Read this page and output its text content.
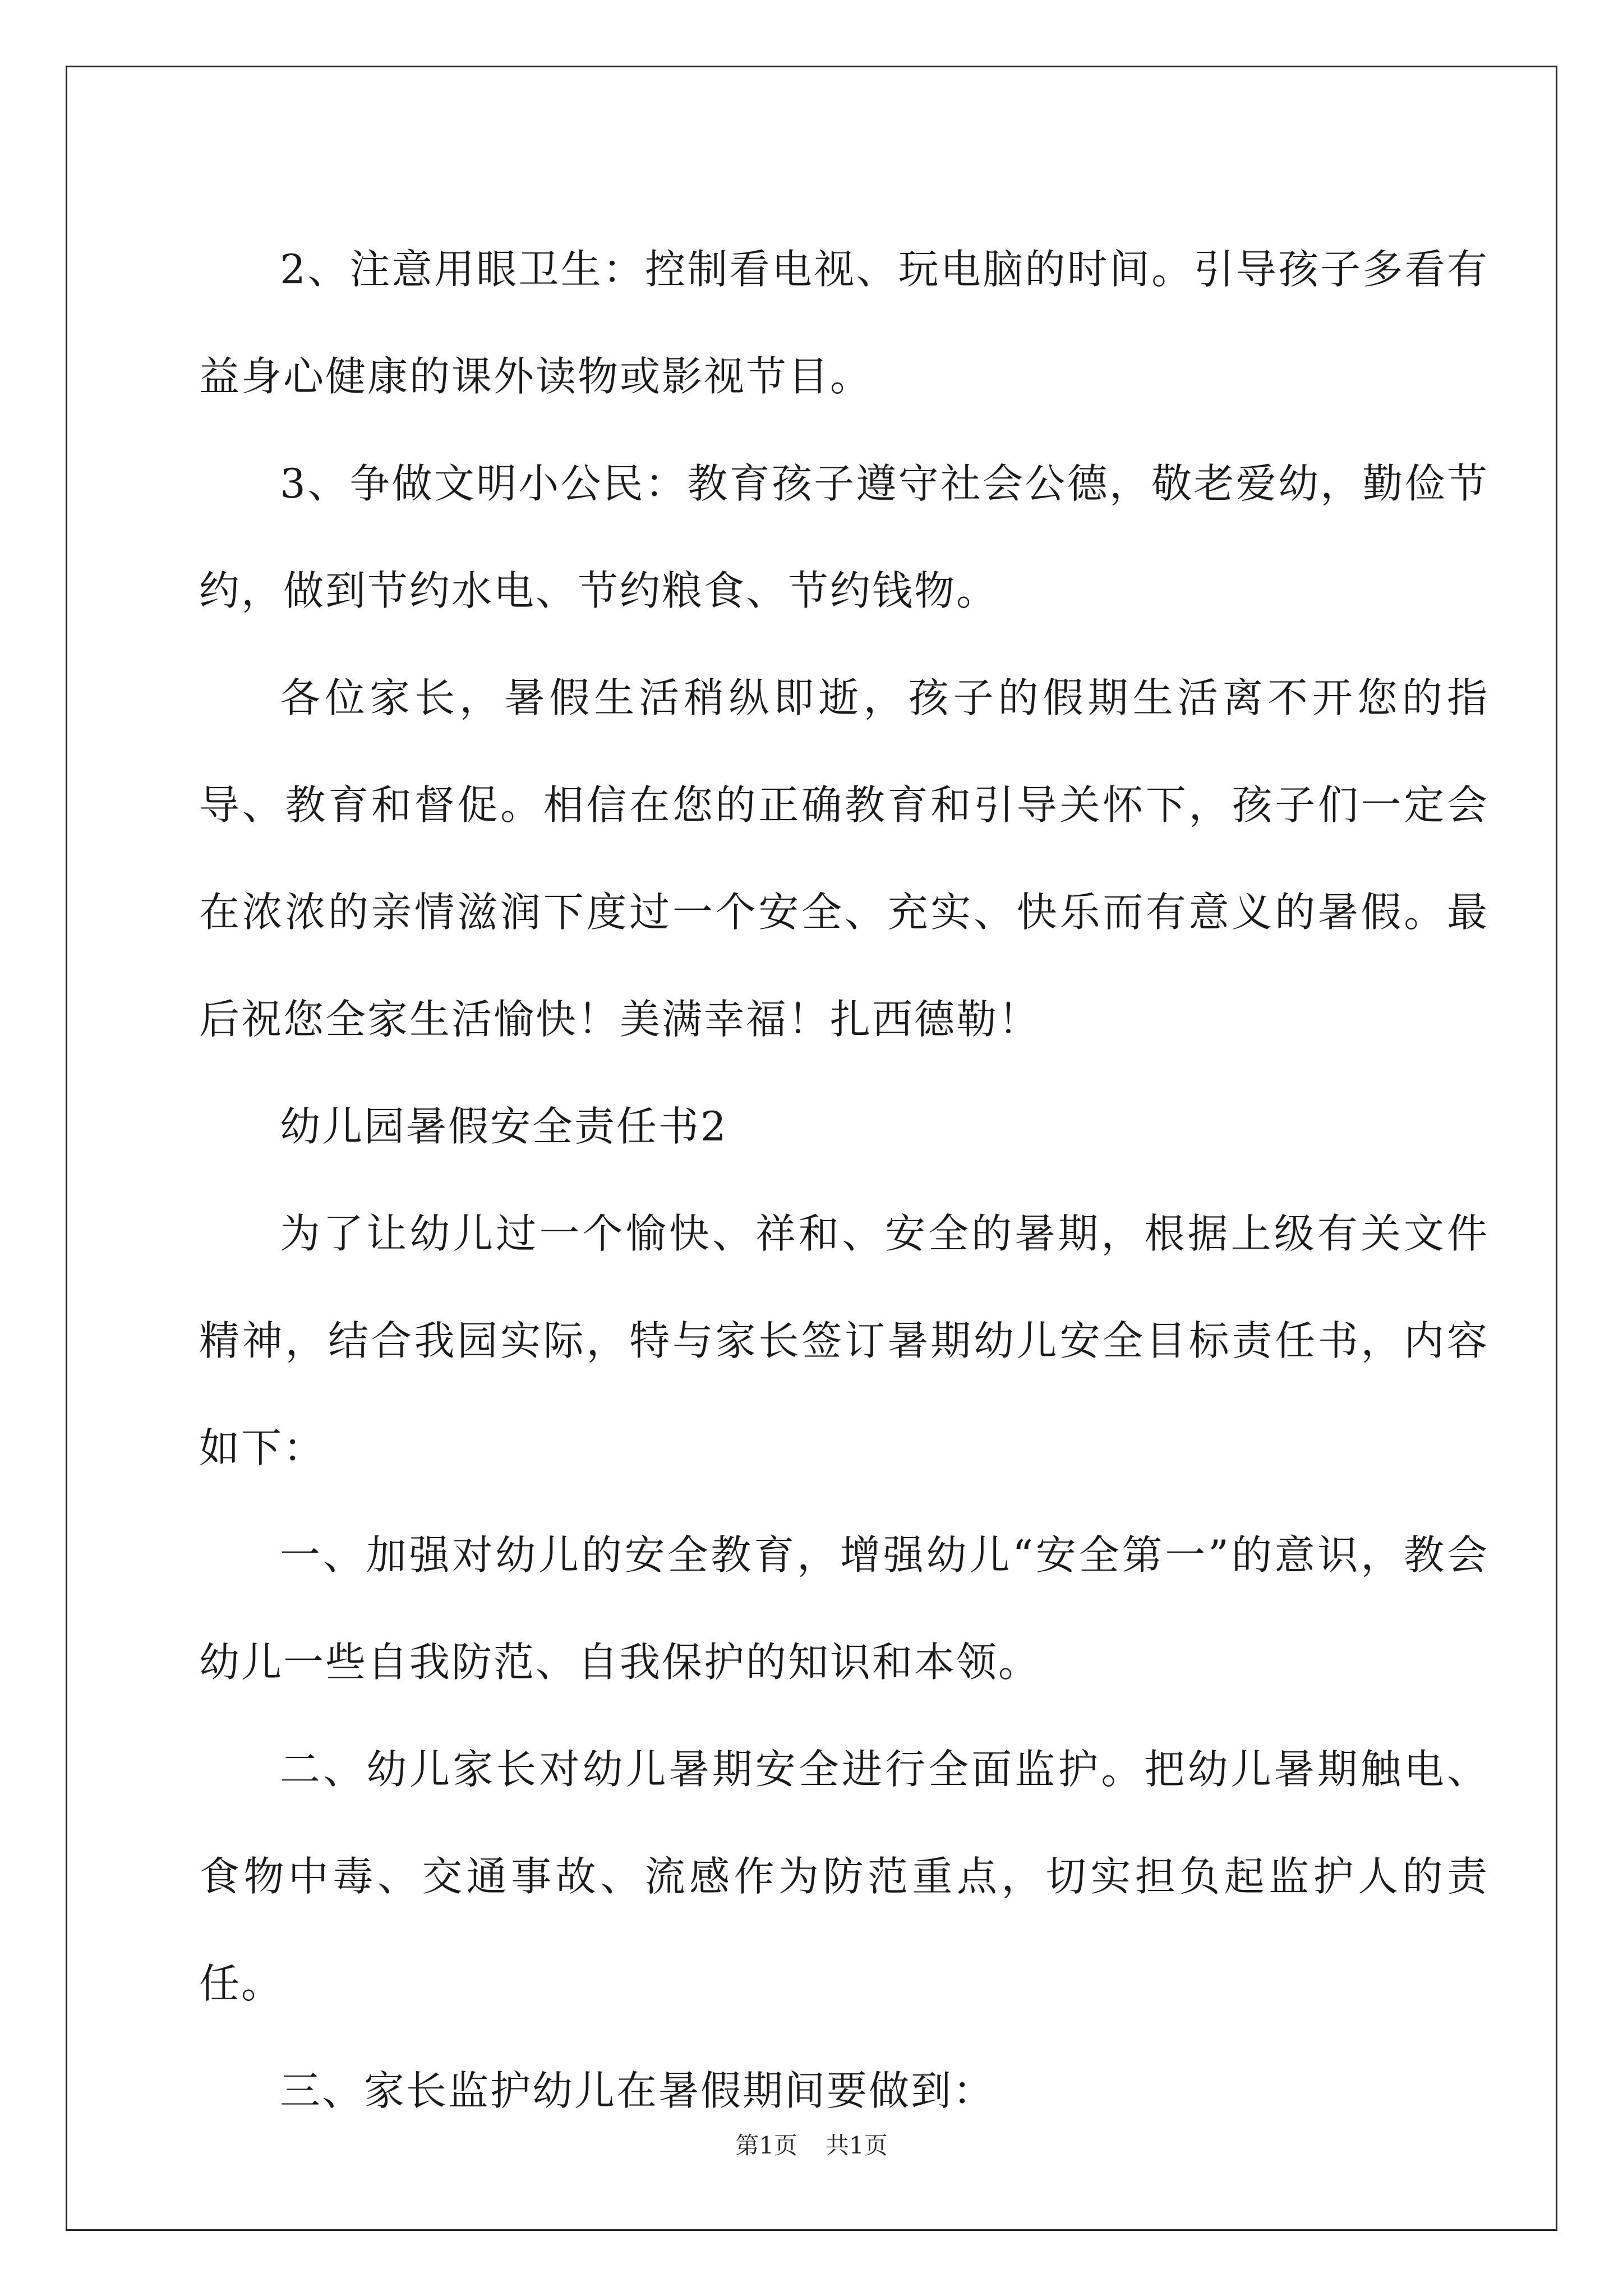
2、注意用眼卫生：控制看电视、玩电脑的时间。引导孩子多看有益身心健康的课外读物或影视节目。

3、争做文明小公民：教育孩子遵守社会公德，敬老爱幼，勤俭节约，做到节约水电、节约粮食、节约钱物。

各位家长，暑假生活稍纵即逝，孩子的假期生活离不开您的指导、教育和督促。相信在您的正确教育和引导关怀下，孩子们一定会在浓浓的亲情滋润下度过一个安全、充实、快乐而有意义的暑假。最后祝您全家生活愉快！美满幸福！扎西德勒！

幼儿园暑假安全责任书2

为了让幼儿过一个愉快、祥和、安全的暑期，根据上级有关文件精神，结合我园实际，特与家长签订暑期幼儿安全目标责任书，内容如下：

一、加强对幼儿的安全教育，增强幼儿“安全第一”的意识，教会幼儿一些自我防范、自我保护的知识和本领。

二、幼儿家长对幼儿暑期安全进行全面监护。把幼儿暑期触电、食物中毒、交通事故、流感作为防范重点，切实担负起监护人的责任。

三、家长监护幼儿在暑假期间要做到：

第1页 共1页
